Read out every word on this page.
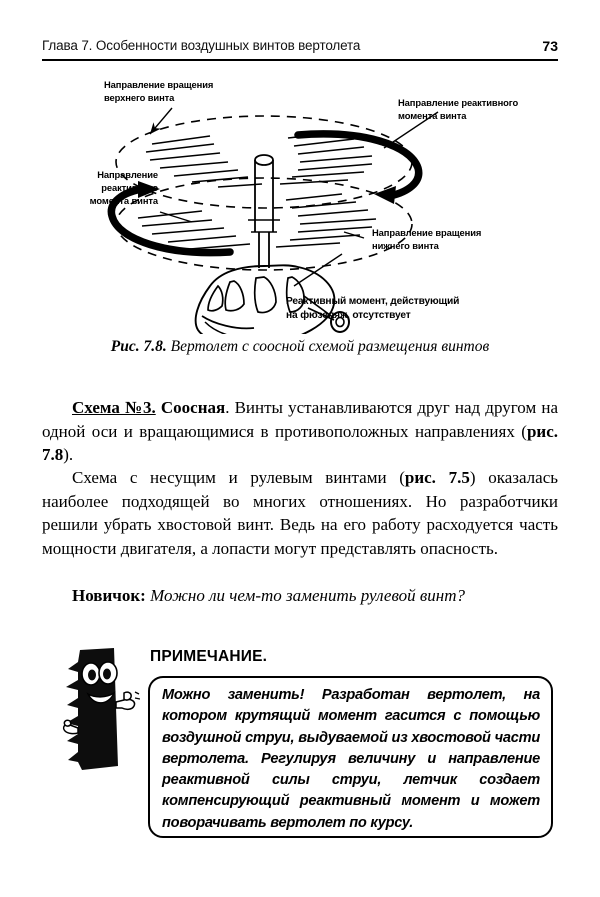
Глава 7. Особенности воздушных винтов вертолета	73
Направление вращения
верхнего винта	Направление реактивного
момента винта
Направление
реактивного
момента винта
Направление вращения
нижнего винта
Реактивный момент, действующий
на фюзеляж, отсутствует
Рис. 7.8. Вертолет с соосной схемой размещения винтов

Схема №3. Соосная. Винты устанавливаются друг над другом на одной оси и вращающимися в противоположных направлениях (рис. 7.8).

Схема с несущим и рулевым винтами (рис. 7.5) оказалась наиболее подходящей во многих отношениях. Но разработчики решили убрать хвостовой винт. Ведь на его работу расходуется часть мощности двигателя, а лопасти могут представлять опасность.

Новичок: Можно ли чем-то заменить рулевой винт?
ПРИМЕЧАНИЕ.
Можно заменить! Разработан вертолет, на котором крутящий момент гасится с помощью воздушной струи, выдуваемой из хвостовой части вертолета. Регулируя величину и направление реактивной силы струи, летчик создает компенсирующий реактивный момент и может поворачивать вертолет по курсу.
